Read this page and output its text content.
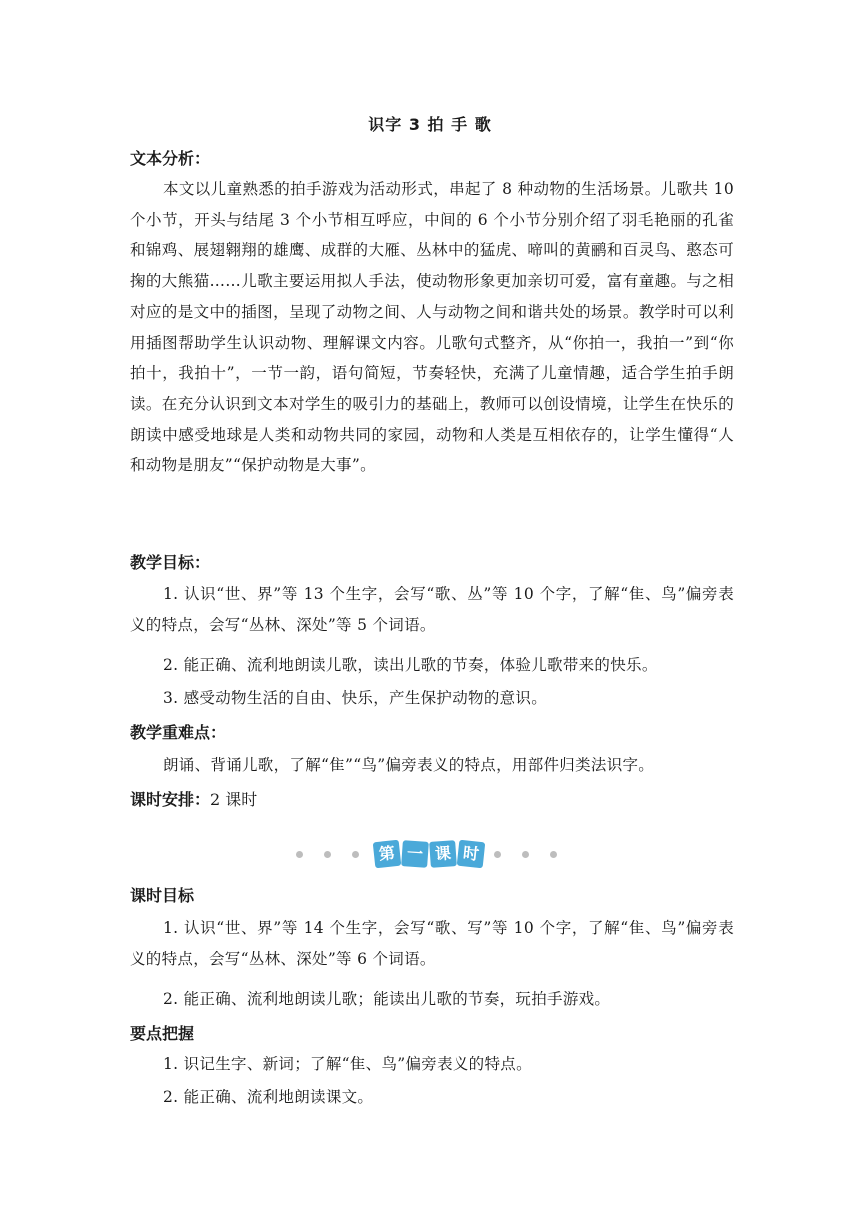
识字 3 拍 手 歌
文本分析：
本文以儿童熟悉的拍手游戏为活动形式，串起了 8 种动物的生活场景。儿歌共 10 个小节，开头与结尾 3 个小节相互呼应，中间的 6 个小节分别介绍了羽毛艳丽的孔雀和锦鸡、展翅翱翔的雄鹰、成群的大雁、丛林中的猛虎、啼叫的黄鹂和百灵鸟、憨态可掬的大熊猫……儿歌主要运用拟人手法，使动物形象更加亲切可爱，富有童趣。与之相对应的是文中的插图，呈现了动物之间、人与动物之间和谐共处的场景。教学时可以利用插图帮助学生认识动物、理解课文内容。儿歌句式整齐，从“你拍一，我拍一”到“你拍十，我拍十”，一节一韵，语句简短，节奏轻快，充满了儿童情趣，适合学生拍手朗读。在充分认识到文本对学生的吸引力的基础上，教师可以创设情境，让学生在快乐的朗读中感受地球是人类和动物共同的家园，动物和人类是互相依存的，让学生懂得“人和动物是朋友”“保护动物是大事”。
教学目标：
1. 认识“世、界”等 13 个生字，会写“歌、丛”等 10 个字，了解“隹、鸟”偏旁表义的特点，会写“丛林、深处”等 5 个词语。
2. 能正确、流利地朗读儿歌，读出儿歌的节奏，体验儿歌带来的快乐。
3. 感受动物生活的自由、快乐，产生保护动物的意识。
教学重难点：
朗诵、背诵儿歌，了解“隹”“鸟”偏旁表义的特点，用部件归类法识字。
课时安排：2 课时
第 一 课 时
课时目标
1. 认识“世、界”等 14 个生字，会写“歌、写”等 10 个字，了解“隹、鸟”偏旁表义的特点，会写“丛林、深处”等 6 个词语。
2. 能正确、流利地朗读儿歌；能读出儿歌的节奏，玩拍手游戏。
要点把握
1. 识记生字、新词；了解“隹、鸟”偏旁表义的特点。
2. 能正确、流利地朗读课文。
